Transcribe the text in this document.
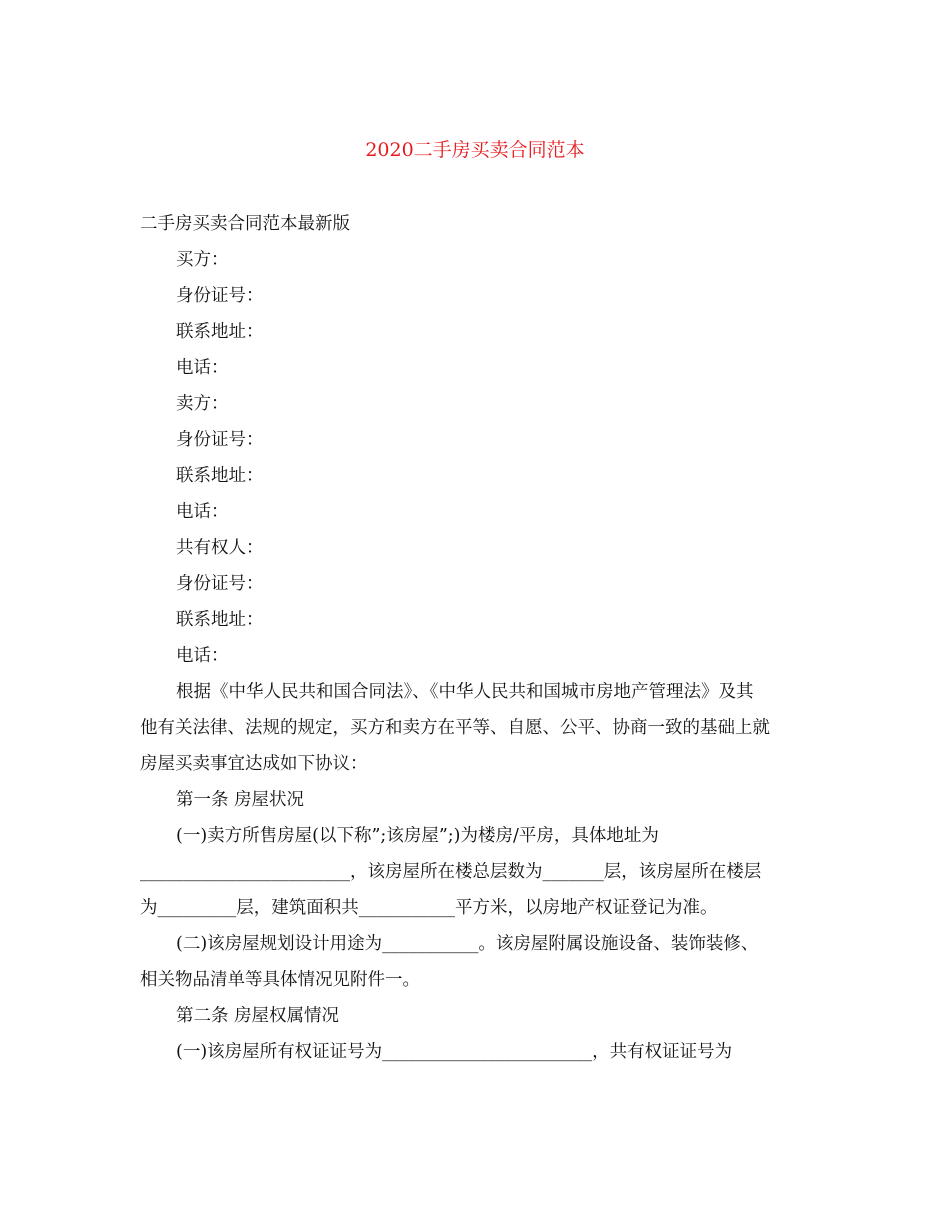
2020二手房买卖合同范本

二手房买卖合同范本最新版

买方：

身份证号：

联系地址：

电话：

卖方：

身份证号：

联系地址：

电话：

共有权人：

身份证号：

联系地址：

电话：

根据《中华人民共和国合同法》、《中华人民共和国城市房地产管理法》及其
他有关法律、法规的规定，买方和卖方在平等、自愿、公平、协商一致的基础上就
房屋买卖事宜达成如下协议：

第一条 房屋状况

(一)卖方所售房屋(以下称”;该房屋”;)为楼房/平房，具体地址为
________________________，该房屋所在楼总层数为_______层，该房屋所在楼层
为_________层，建筑面积共___________平方米，以房地产权证登记为准。
(二)该房屋规划设计用途为___________。该房屋附属设施设备、装饰装修、
相关物品清单等具体情况见附件一。

第二条 房屋权属情况

(一)该房屋所有权证证号为________________________，共有权证证号为
